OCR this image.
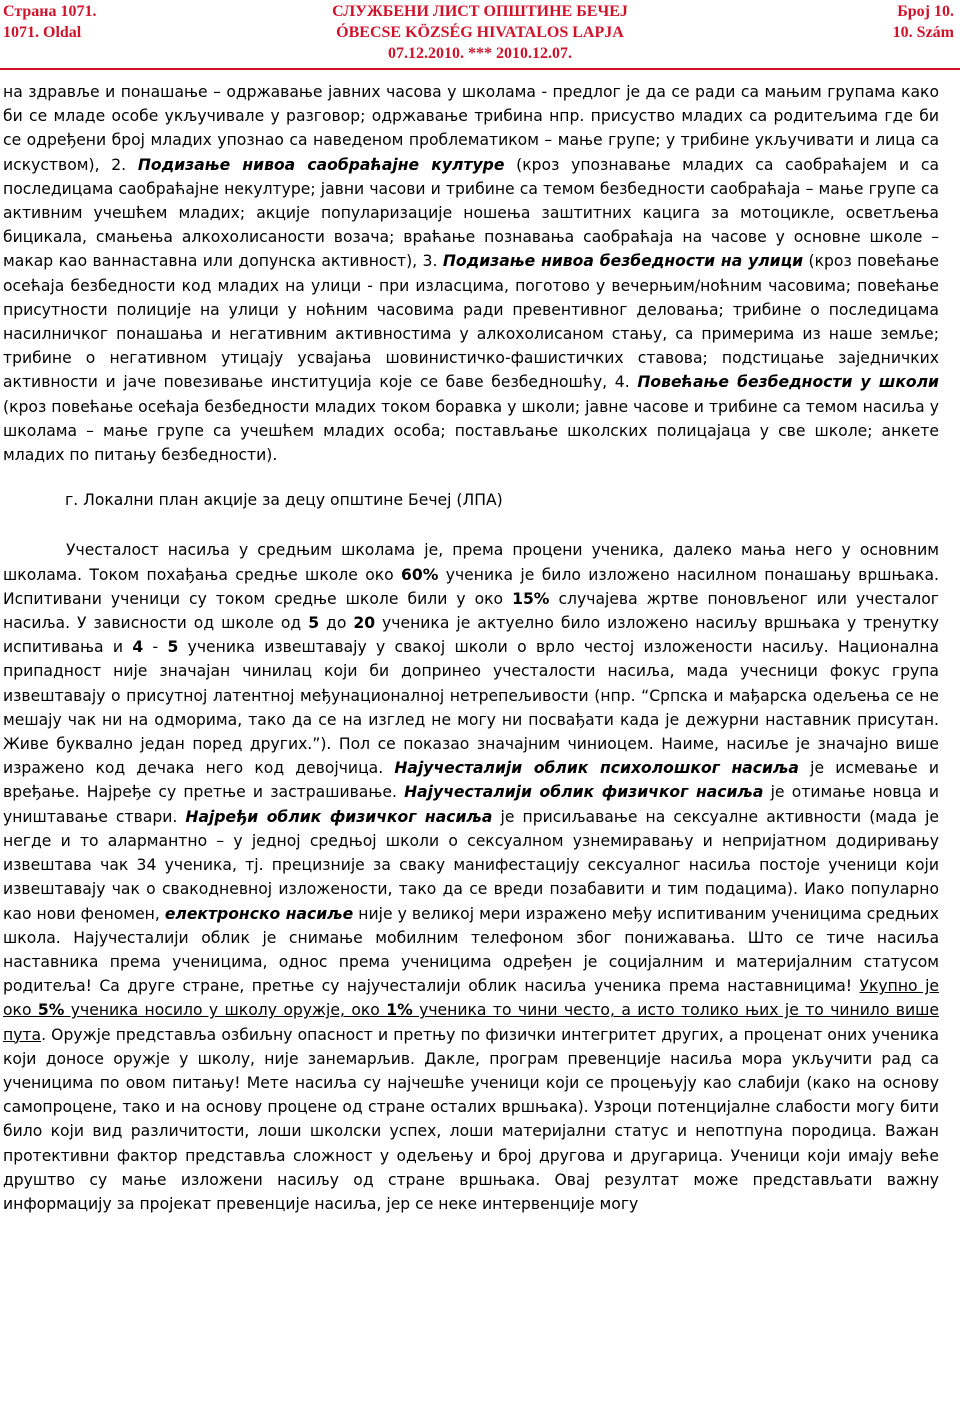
Страна 1071.
1071. Oldal
СЛУЖБЕНИ ЛИСТ ОПШТИНЕ БЕЧЕЈ
ÓBECSE KÖZSÉG HIVATALOS LAPJA
07.12.2010. *** 2010.12.07.
Број 10.
10. Szám

на здравље и понашање – одржавање јавних часова у школама - предлог је да се ради са мањим групама како би се младе особе укључивале у разговор; одржавање трибина нпр. присуство младих са родитељима где би се одређени број младих упознао са наведеном проблематиком – мање групе; у трибине укључивати и лица са искуством), 2. Подизање нивоа саобраћајне културе (кроз упознавање младих са саобраћајем и са последицама саобраћајне некултуре; јавни часови и трибине са темом безбедности саобраћаја – мање групе са активним учешћем младих; акције популаризације ношења заштитних кацига за мотоцикле, осветљења бицикала, смањења алкохолисаности возача; враћање познавања саобраћаја на часове у основне школе – макар као ваннаставна или допунска активност), 3. Подизање нивоа безбедности на улици (кроз повећање осећаја безбедности код младих на улици - при изласцима, поготово у вечерњим/ноћним часовима; повећање присутности полиције на улици у ноћним часовима ради превентивног деловања; трибине о последицама насилничког понашања и негативним активностима у алкохолисаном стању, са примерима из наше земље; трибине о негативном утицају усвајања шовинистичко-фашистичких ставова; подстицање заједничких активности и јаче повезивање институција које се баве безбедношћу, 4. Повећање безбедности у школи (кроз повећање осећаја безбедности младих током боравка у школи; јавне часове и трибине са темом насиља у школама – мање групе са учешћем младих особа; постављање школских полицајаца у све школе; анкете младих по питању безбедности).

г. Локални план акције за децу општине Бечеј (ЛПА)

Учесталост насиља у средњим школама је, према процени ученика, далеко мања него у основним школама. Током похађања средње школе око 60% ученика је било изложено насилном понашању вршњака. Испитивани ученици су током средње школе били у око 15% случајева жртве поновљеног или учесталог насиља. У зависности од школе од 5 до 20 ученика је актуелно било изложено насиљу вршњака у тренутку испитивања и 4 - 5 ученика извештавају у свакој школи о врло честој изложености насиљу. Национална припадност није значајан чинилац који би допринео учесталости насиља, мада учесници фокус група извештавају о присутној латентној међунационалној нетрепељивости (нпр. “Српска и мађарска одељења се не мешају чак ни на одморима, тако да се на изглед не могу ни посвађати када је дежурни наставник присутан. Живе буквално један поред других.”). Пол се показао значајним чиниоцем. Наиме, насиље је значајно више изражено код дечака него код девојчица. Најучесталији облик психолошког насиља је исмевање и вређање. Најређе су претње и застрашивање. Најучесталији облик физичког насиља је отимање новца и уништавање ствари. Најређи облик физичког насиља је присиљавање на сексуалне активности (мада је негде и то алармантно – у једној средњој школи о сексуалном узнемиравању и непријатном додиривању извештава чак 34 ученика, тј. прецизније за сваку манифестацију сексуалног насиља постоје ученици који извештавају чак о свакодневној изложености, тако да се вреди позабавити и тим подацима). Иако популарно као нови феномен, електронско насиље није у великој мери изражено међу испитиваним ученицима средњих школа. Најучесталији облик је снимање мобилним телефоном због понижавања. Што се тиче насиља наставника према ученицима, однос према ученицима одређен је социјалним и материјалним статусом родитеља! Са друге стране, претње су најучесталији облик насиља ученика према наставницима! Укупно је око 5% ученика носило у школу оружје, око 1% ученика то чини често, а исто толико њих је то чинило више пута. Оружје представља озбиљну опасност и претњу по физички интегритет других, а проценат оних ученика који доносе оружје у школу, није занемарљив. Дакле, програм превенције насиља мора укључити рад са ученицима по овом питању! Мете насиља су најчешће ученици који се процењују као слабији (како на основу самопроцене, тако и на основу процене од стране осталих вршњака). Узроци потенцијалне слабости могу бити било који вид различитости, лоши школски успех, лоши материјални статус и непотпуна породица. Важан протективни фактор представља сложност у одељењу и број другова и другарица. Ученици који имају веће друштво су мање изложени насиљу од стране вршњака. Овај резултат може представљати важну информацију за пројекат превенције насиља, јер се неке интервенције могу
